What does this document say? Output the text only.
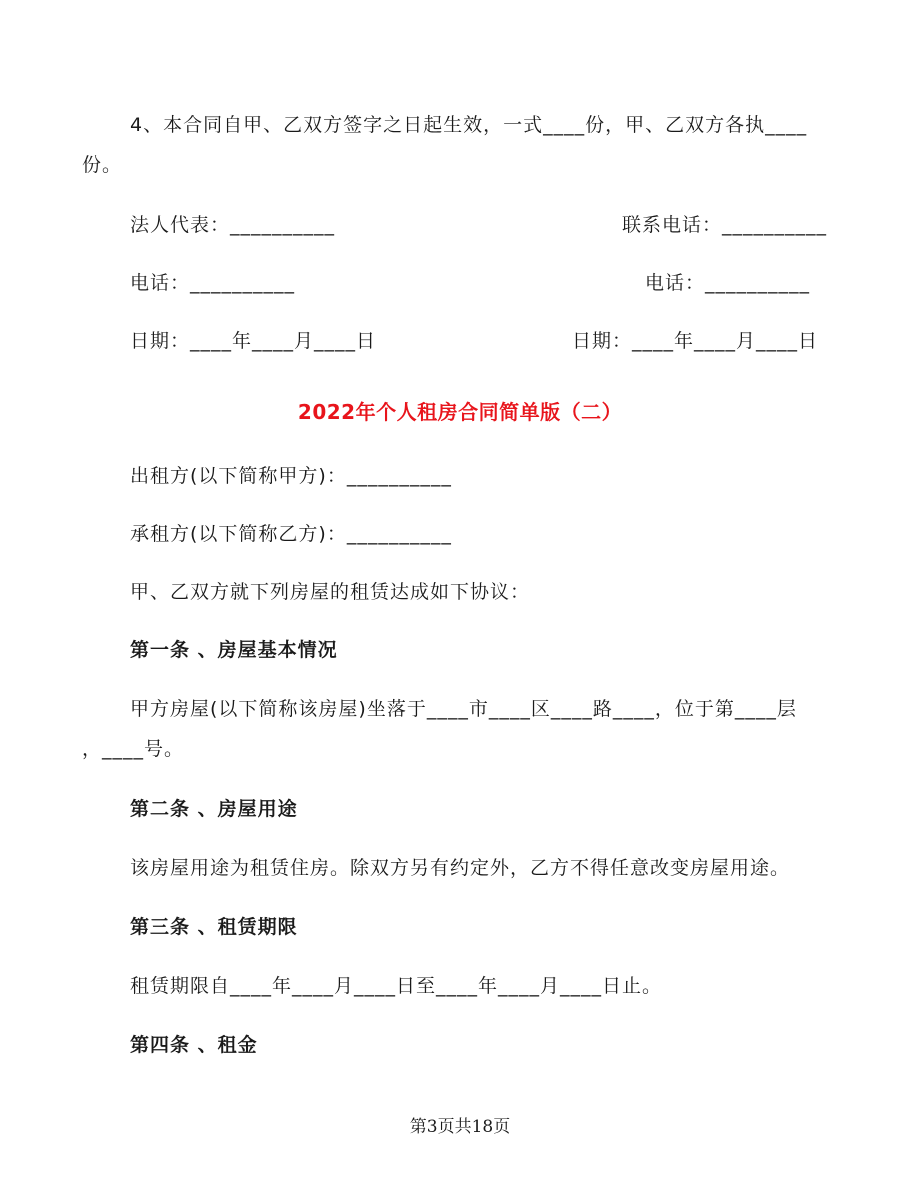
4、本合同自甲、乙双方签字之日起生效，一式____份，甲、乙双方各执____
份。
法人代表：__________	联系电话：__________
电话：__________	电话：__________
日期：____年____月____日	日期：____年____月____日
2022年个人租房合同简单版（二）
出租方(以下简称甲方)：__________
承租方(以下简称乙方)：__________
甲、乙双方就下列房屋的租赁达成如下协议：
第一条 、房屋基本情况
甲方房屋(以下简称该房屋)坐落于____市____区____路____，位于第____层
，____号。
第二条 、房屋用途
该房屋用途为租赁住房。除双方另有约定外，乙方不得任意改变房屋用途。
第三条 、租赁期限
租赁期限自____年____月____日至____年____月____日止。
第四条 、租金
第3页共18页
